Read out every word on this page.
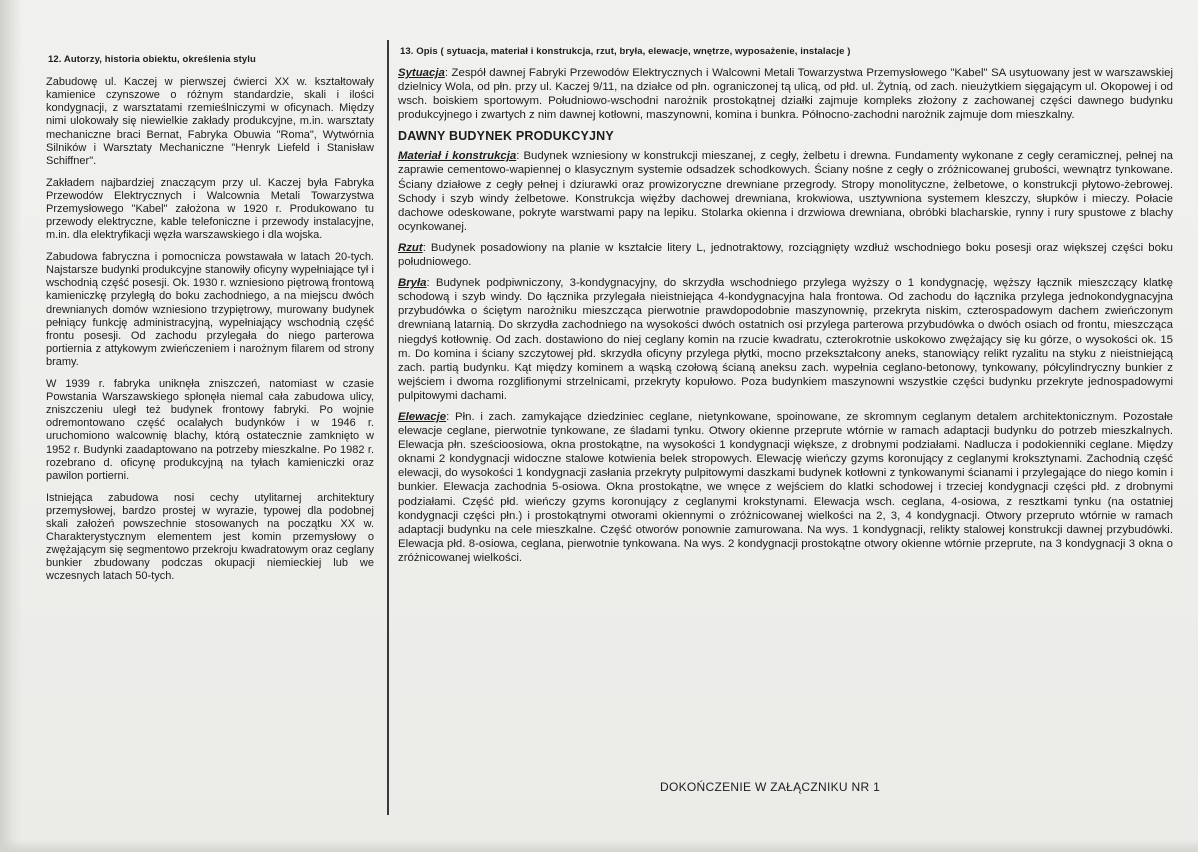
12. Autorzy, historia obiektu, określenia stylu

Zabudowę ul. Kaczej w pierwszej ćwierci XX w. kształtowały kamienice czynszowe o różnym standardzie, skali i ilości kondygnacji, z warsztatami rzemieślniczymi w oficynach. Między nimi ulokowały się niewielkie zakłady produkcyjne, m.in. warsztaty mechaniczne braci Bernat, Fabryka Obuwia "Roma", Wytwórnia Silników i Warsztaty Mechaniczne "Henryk Liefeld i Stanisław Schiffner".

Zakładem najbardziej znaczącym przy ul. Kaczej była Fabryka Przewodów Elektrycznych i Walcownia Metali Towarzystwa Przemysłowego "Kabel" założona w 1920 r. Produkowano tu przewody elektryczne, kable telefoniczne i przewody instalacyjne, m.in. dla elektryfikacji węzła warszawskiego i dla wojska.

Zabudowa fabryczna i pomocnicza powstawała w latach 20-tych. Najstarsze budynki produkcyjne stanowiły oficyny wypełniające tył i wschodnią część posesji. Ok. 1930 r. wzniesiono piętrową frontową kamieniczkę przyległą do boku zachodniego, a na miejscu dwóch drewnianych domów wzniesiono trzypiętrowy, murowany budynek pełniący funkcję administracyjną, wypełniający wschodnią część frontu posesji. Od zachodu przylegała do niego parterowa portiernia z attykowym zwieńczeniem i narożnym filarem od strony bramy.

W 1939 r. fabryka uniknęła zniszczeń, natomiast w czasie Powstania Warszawskiego spłonęła niemal cała zabudowa ulicy, zniszczeniu uległ też budynek frontowy fabryki. Po wojnie odremontowano część ocalałych budynków i w 1946 r. uruchomiono walcownię blachy, którą ostatecznie zamknięto w 1952 r. Budynki zaadaptowano na potrzeby mieszkalne. Po 1982 r. rozebrano d. oficynę produkcyjną na tyłach kamieniczki oraz pawilon portierni.

Istniejąca zabudowa nosi cechy utylitarnej architektury przemysłowej, bardzo prostej w wyrazie, typowej dla podobnej skali założeń powszechnie stosowanych na początku XX w. Charakterystycznym elementem jest komin przemysłowy o zwężającym się segmentowo przekroju kwadratowym oraz ceglany bunkier zbudowany podczas okupacji niemieckiej lub we wczesnych latach 50-tych.

13. Opis ( sytuacja, materiał i konstrukcja, rzut, bryła, elewacje, wnętrze, wyposażenie, instalacje )

Sytuacja: Zespół dawnej Fabryki Przewodów Elektrycznych i Walcowni Metali Towarzystwa Przemysłowego "Kabel" SA usytuowany jest w warszawskiej dzielnicy Wola, od płn. przy ul. Kaczej 9/11, na działce od płn. ograniczonej tą ulicą, od płd. ul. Żytnią, od zach. nieużytkiem sięgającym ul. Okopowej i od wsch. boiskiem sportowym. Południowo-wschodni narożnik prostokątnej działki zajmuje kompleks złożony z zachowanej części dawnego budynku produkcyjnego i zwartych z nim dawnej kotłowni, maszynowni, komina i bunkra. Północno-zachodni narożnik zajmuje dom mieszkalny.

DAWNY BUDYNEK PRODUKCYJNY

Materiał i konstrukcja: Budynek wzniesiony w konstrukcji mieszanej, z cegły, żelbetu i drewna. Fundamenty wykonane z cegły ceramicznej, pełnej na zaprawie cementowo-wapiennej o klasycznym systemie odsadzek schodkowych. Ściany nośne z cegły o zróżnicowanej grubości, wewnątrz tynkowane. Ściany działowe z cegły pełnej i dziurawki oraz prowizoryczne drewniane przegrody. Stropy monolityczne, żelbetowe, o konstrukcji płytowo-żebrowej. Schody i szyb windy żelbetowe. Konstrukcja więźby dachowej drewniana, krokwiowa, usztywniona systemem kleszczy, słupków i mieczy. Połacie dachowe odeskowane, pokryte warstwami papy na lepiku. Stolarka okienna i drzwiowa drewniana, obróbki blacharskie, rynny i rury spustowe z blachy ocynkowanej.

Rzut: Budynek posadowiony na planie w kształcie litery L, jednotraktowy, rozciągnięty wzdłuż wschodniego boku posesji oraz większej części boku południowego.

Bryła: Budynek podpiwniczony, 3-kondygnacyjny, do skrzydła wschodniego przylega wyższy o 1 kondygnację, węższy łącznik mieszczący klatkę schodową i szyb windy. Do łącznika przylegała nieistniejąca 4-kondygnacyjna hala frontowa. Od zachodu do łącznika przylega jednokondygnacyjna przybudówka o ściętym narożniku mieszcząca pierwotnie prawdopodobnie maszynownię, przekryta niskim, czterospadowym dachem zwieńczonym drewnianą latarnią. Do skrzydła zachodniego na wysokości dwóch ostatnich osi przylega parterowa przybudówka o dwóch osiach od frontu, mieszcząca niegdyś kotłownię. Od zach. dostawiono do niej ceglany komin na rzucie kwadratu, czterokrotnie uskokowo zwężający się ku górze, o wysokości ok. 15 m. Do komina i ściany szczytowej płd. skrzydła oficyny przylega płytki, mocno przekształcony aneks, stanowiący relikt ryzalitu na styku z nieistniejącą zach. partią budynku. Kąt między kominem a wąską czołową ścianą aneksu zach. wypełnia ceglano-betonowy, tynkowany, półcylindryczny bunkier z wejściem i dwoma rozglifionymi strzelnicami, przekryty kopułowo. Poza budynkiem maszynowni wszystkie części budynku przekryte jednospadowymi pulpitowymi dachami.

Elewacje: Płn. i zach. zamykające dziedziniec ceglane, nietynkowane, spoinowane, ze skromnym ceglanym detalem architektonicznym. Pozostałe elewacje ceglane, pierwotnie tynkowane, ze śladami tynku. Otwory okienne przeprute wtórnie w ramach adaptacji budynku do potrzeb mieszkalnych. Elewacja płn. sześcioosiowa, okna prostokątne, na wysokości 1 kondygnacji większe, z drobnymi podziałami. Nadlucza i podokienniki ceglane. Między oknami 2 kondygnacji widoczne stalowe kotwienia belek stropowych. Elewację wieńczy gzyms koronujący z ceglanymi kroksztynami. Zachodnią część elewacji, do wysokości 1 kondygnacji zasłania przekryty pulpitowymi daszkami budynek kotłowni z tynkowanymi ścianami i przylegające do niego komin i bunkier. Elewacja zachodnia 5-osiowa. Okna prostokątne, we wnęce z wejściem do klatki schodowej i trzeciej kondygnacji części płd. z drobnymi podziałami. Część płd. wieńczy gzyms koronujący z ceglanymi krokstynami. Elewacja wsch. ceglana, 4-osiowa, z resztkami tynku (na ostatniej kondygnacji części płn.) i prostokątnymi otworami okiennymi o zróżnicowanej wielkości na 2, 3, 4 kondygnacji. Otwory przepruto wtórnie w ramach adaptacji budynku na cele mieszkalne. Część otworów ponownie zamurowana. Na wys. 1 kondygnacji, relikty stalowej konstrukcji dawnej przybudówki. Elewacja płd. 8-osiowa, ceglana, pierwotnie tynkowana. Na wys. 2 kondygnacji prostokątne otwory okienne wtórnie przeprute, na 3 kondygnacji 3 okna o zróżnicowanej wielkości.

DOKOŃCZENIE W ZAŁĄCZNIKU NR 1
